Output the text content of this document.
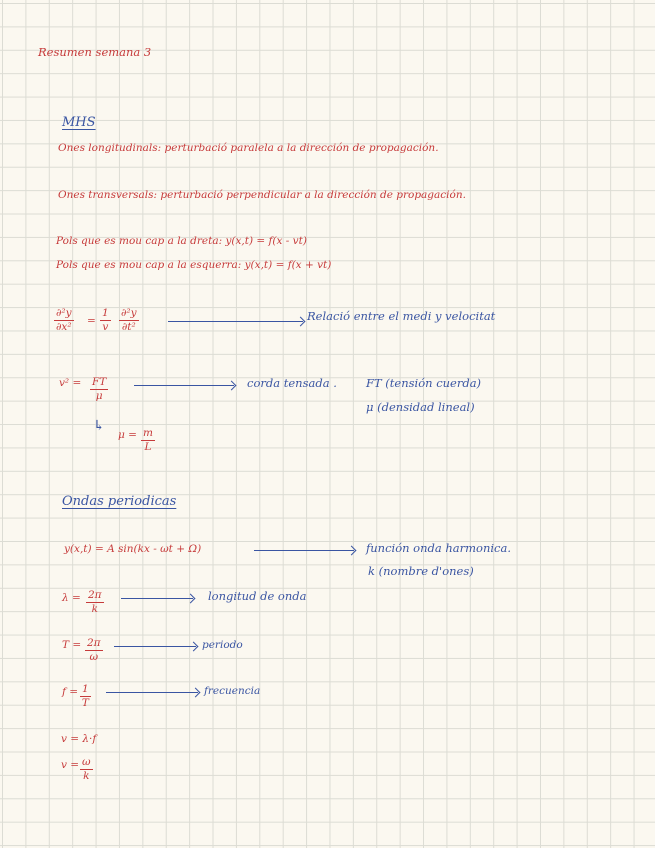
Resumen semana 3
MHS
Ones longitudinals: perturbació paralela a la dirección de propagación.
Ones transversals: perturbació perpendicular a la dirección de propagación.
Pols que es mou cap a la dreta: y(x,t) = f(x - vt)
Pols que es mou cap a la esquerra: y(x,t) = f(x + vt)
$\frac{\text{∂²y}}{\text{∂x²}} = \frac{1}{v} \frac{\text{∂²y}}{\text{∂t²}}$	Relació entre el medi y velocitat
$v^2 = \frac{FT}{\mu}$	corda tensada .	FT (tensión cuerda)
μ (densidad lineal)
↳
$\mu = \frac{m}{L}$
Ondas periodicas
y(x,t) = A sin(kx - ωt + Ω)	función onda harmonica.
k (nombre d'ones)
$\lambda = \frac{2\pi}{k}$	longitud de onda
$T = \frac{2\pi}{\omega}$	periodo
$f = \frac{1}{T}$	frecuencia
v = λ·f
$v = \frac{\omega}{k}$
